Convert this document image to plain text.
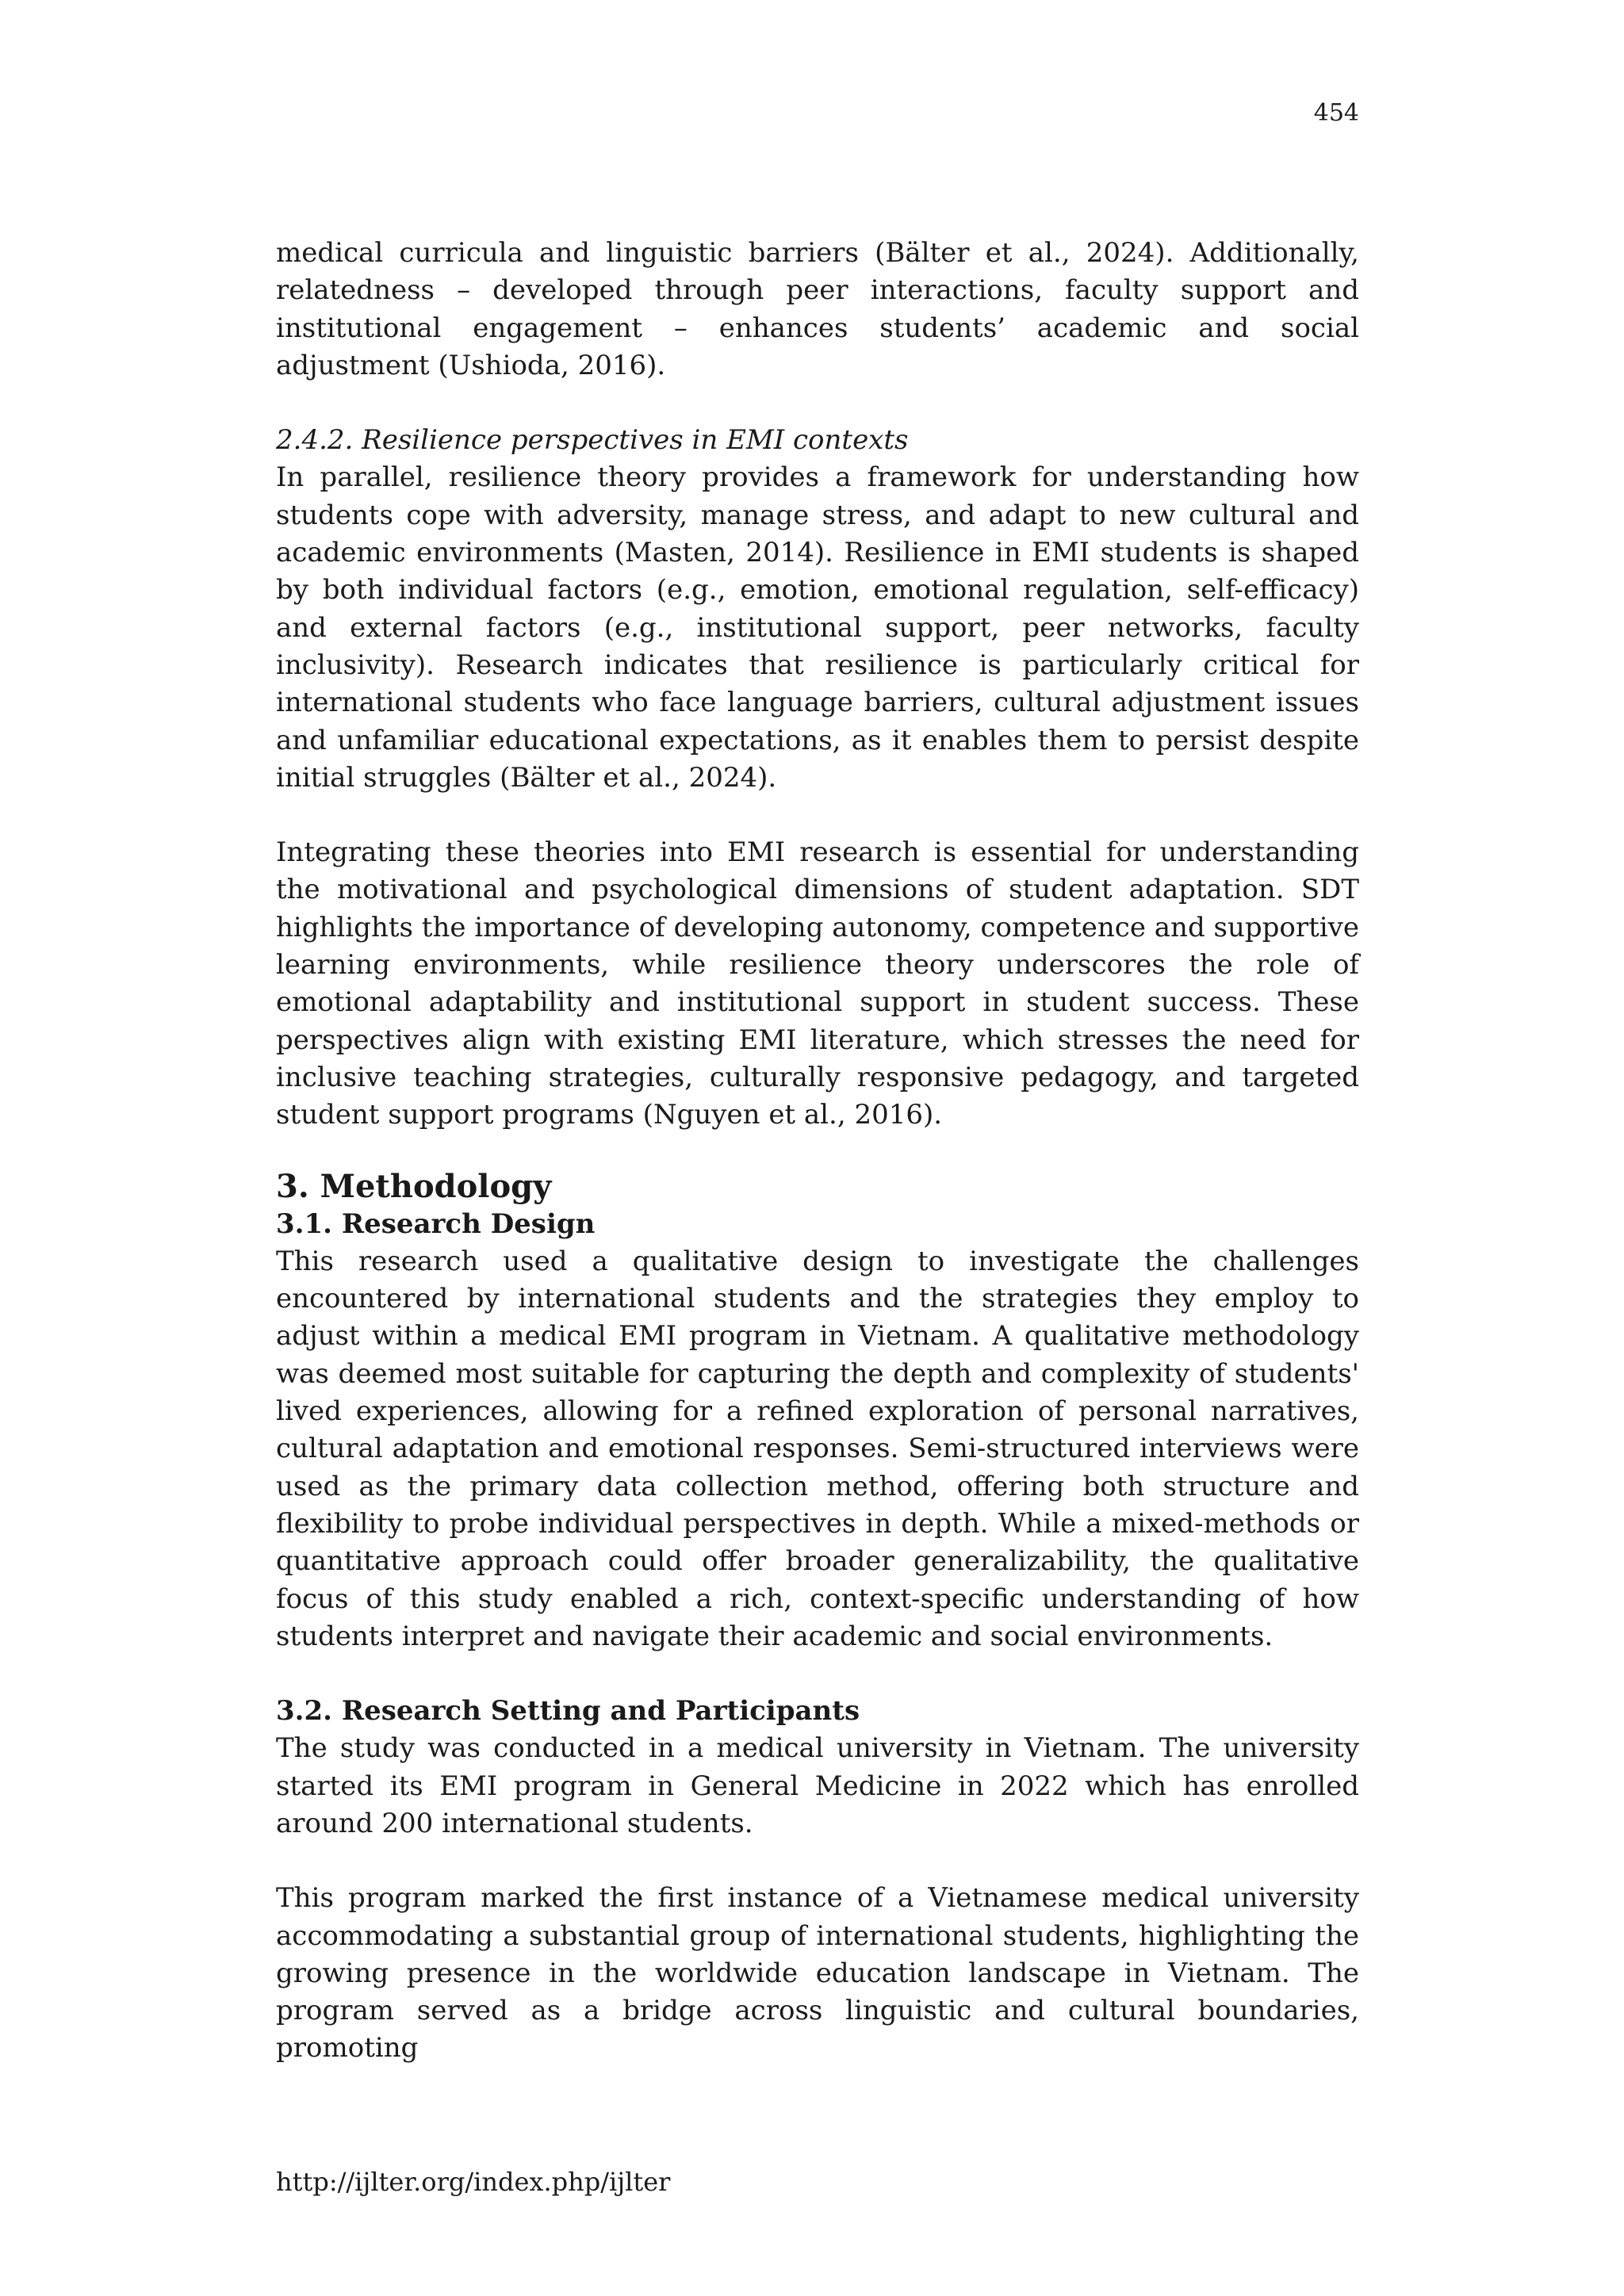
454

medical curricula and linguistic barriers (Bälter et al., 2024). Additionally, relatedness – developed through peer interactions, faculty support and institutional engagement – enhances students’ academic and social adjustment (Ushioda, 2016).

2.4.2. Resilience perspectives in EMI contexts

In parallel, resilience theory provides a framework for understanding how students cope with adversity, manage stress, and adapt to new cultural and academic environments (Masten, 2014). Resilience in EMI students is shaped by both individual factors (e.g., emotion, emotional regulation, self-efficacy) and external factors (e.g., institutional support, peer networks, faculty inclusivity). Research indicates that resilience is particularly critical for international students who face language barriers, cultural adjustment issues and unfamiliar educational expectations, as it enables them to persist despite initial struggles (Bälter et al., 2024).

Integrating these theories into EMI research is essential for understanding the motivational and psychological dimensions of student adaptation. SDT highlights the importance of developing autonomy, competence and supportive learning environments, while resilience theory underscores the role of emotional adaptability and institutional support in student success. These perspectives align with existing EMI literature, which stresses the need for inclusive teaching strategies, culturally responsive pedagogy, and targeted student support programs (Nguyen et al., 2016).

3. Methodology
3.1. Research Design

This research used a qualitative design to investigate the challenges encountered by international students and the strategies they employ to adjust within a medical EMI program in Vietnam. A qualitative methodology was deemed most suitable for capturing the depth and complexity of students' lived experiences, allowing for a refined exploration of personal narratives, cultural adaptation and emotional responses. Semi-structured interviews were used as the primary data collection method, offering both structure and flexibility to probe individual perspectives in depth. While a mixed-methods or quantitative approach could offer broader generalizability, the qualitative focus of this study enabled a rich, context-specific understanding of how students interpret and navigate their academic and social environments.

3.2. Research Setting and Participants

The study was conducted in a medical university in Vietnam. The university started its EMI program in General Medicine in 2022 which has enrolled around 200 international students.

This program marked the first instance of a Vietnamese medical university accommodating a substantial group of international students, highlighting the growing presence in the worldwide education landscape in Vietnam. The program served as a bridge across linguistic and cultural boundaries, promoting

http://ijlter.org/index.php/ijlter
